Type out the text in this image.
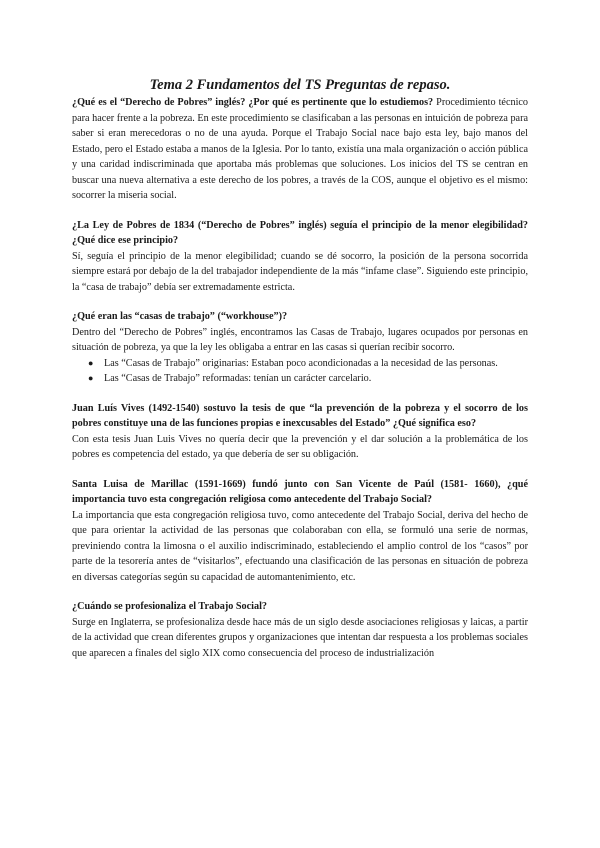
Tema 2 Fundamentos del TS Preguntas de repaso.

¿Qué es el “Derecho de Pobres” inglés? ¿Por qué es pertinente que lo estudiemos? Procedimiento técnico para hacer frente a la pobreza. En este procedimiento se clasificaban a las personas en intuición de pobreza para saber si eran merecedoras o no de una ayuda. Porque el Trabajo Social nace bajo esta ley, bajo manos del Estado, pero el Estado estaba a manos de la Iglesia. Por lo tanto, existía una mala organización o acción pública y una caridad indiscriminada que aportaba más problemas que soluciones. Los inicios del TS se centran en buscar una nueva alternativa a este derecho de los pobres, a través de la COS, aunque el objetivo es el mismo: socorrer la miseria social.

¿La Ley de Pobres de 1834 (“Derecho de Pobres” inglés) seguía el principio de la menor elegibilidad? ¿Qué dice ese principio?

Sí, seguía el principio de la menor elegibilidad; cuando se dé socorro, la posición de la persona socorrida siempre estará por debajo de la del trabajador independiente de la más “infame clase”. Siguiendo este principio, la “casa de trabajo” debía ser extremadamente estricta.

¿Qué eran las “casas de trabajo” (“workhouse”)?

Dentro del “Derecho de Pobres” inglés, encontramos las Casas de Trabajo, lugares ocupados por personas en situación de pobreza, ya que la ley les obligaba a entrar en las casas si querían recibir socorro.

● Las “Casas de Trabajo” originarias: Estaban poco acondicionadas a la necesidad de las personas.
● Las “Casas de Trabajo” reformadas: tenían un carácter carcelario.

Juan Luís Vives (1492-1540) sostuvo la tesis de que “la prevención de la pobreza y el socorro de los pobres constituye una de las funciones propias e inexcusables del Estado” ¿Qué significa eso?

Con esta tesis Juan Luis Vives no quería decir que la prevención y el dar solución a la problemática de los pobres es competencia del estado, ya que debería de ser su obligación.

Santa Luisa de Marillac (1591-1669) fundó junto con San Vicente de Paúl (1581- 1660), ¿qué importancia tuvo esta congregación religiosa como antecedente del Trabajo Social?

La importancia que esta congregación religiosa tuvo, como antecedente del Trabajo Social, deriva del hecho de que para orientar la actividad de las personas que colaboraban con ella, se formuló una serie de normas, previniendo contra la limosna o el auxilio indiscriminado, estableciendo el amplio control de los “casos” por parte de la tesorería antes de “visitarlos”, efectuando una clasificación de las personas en situación de pobreza en diversas categorías según su capacidad de automantenimiento, etc.

¿Cuándo se profesionaliza el Trabajo Social?

Surge en Inglaterra, se profesionaliza desde hace más de un siglo desde asociaciones religiosas y laicas, a partir de la actividad que crean diferentes grupos y organizaciones que intentan dar respuesta a los problemas sociales que aparecen a finales del siglo XIX como consecuencia del proceso de industrialización
